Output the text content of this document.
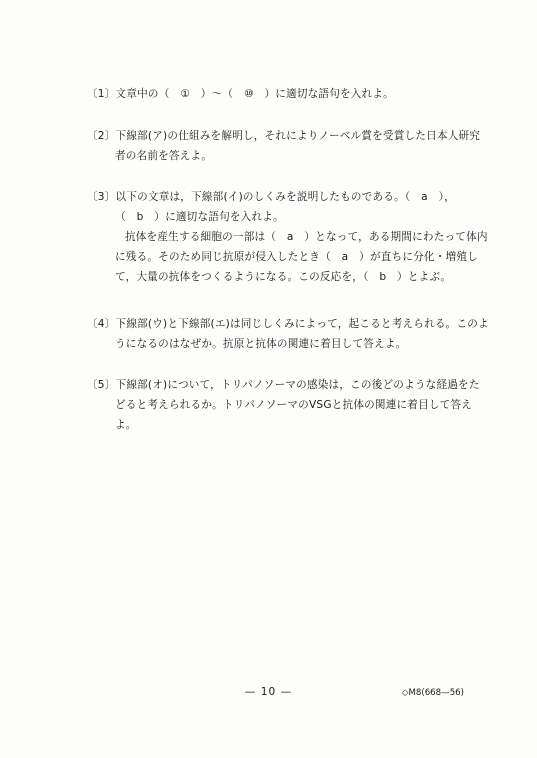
〔1〕 文章中の（　①　）～（　⑩　）に適切な語句を入れよ。
〔2〕 下線部(ア)の仕組みを解明し，それによりノーベル賞を受賞した日本人研究
者の名前を答えよ。
〔3〕 以下の文章は，下線部(イ)のしくみを説明したものである。（　a　），
（　b　）に適切な語句を入れよ。
抗体を産生する細胞の一部は（　a　）となって，ある期間にわたって体内
に残る。そのため同じ抗原が侵入したとき（　a　）が直ちに分化・増殖し
て，大量の抗体をつくるようになる。この反応を，（　b　）とよぶ。
〔4〕 下線部(ウ)と下線部(エ)は同じしくみによって，起こると考えられる。このよ
うになるのはなぜか。抗原と抗体の関連に着目して答えよ。
〔5〕 下線部(オ)について，トリパノソーマの感染は，この後どのような経過をた
どると考えられるか。トリパノソーマのVSGと抗体の関連に着目して答え
よ。
— 10 —	◇M8(668—56)
